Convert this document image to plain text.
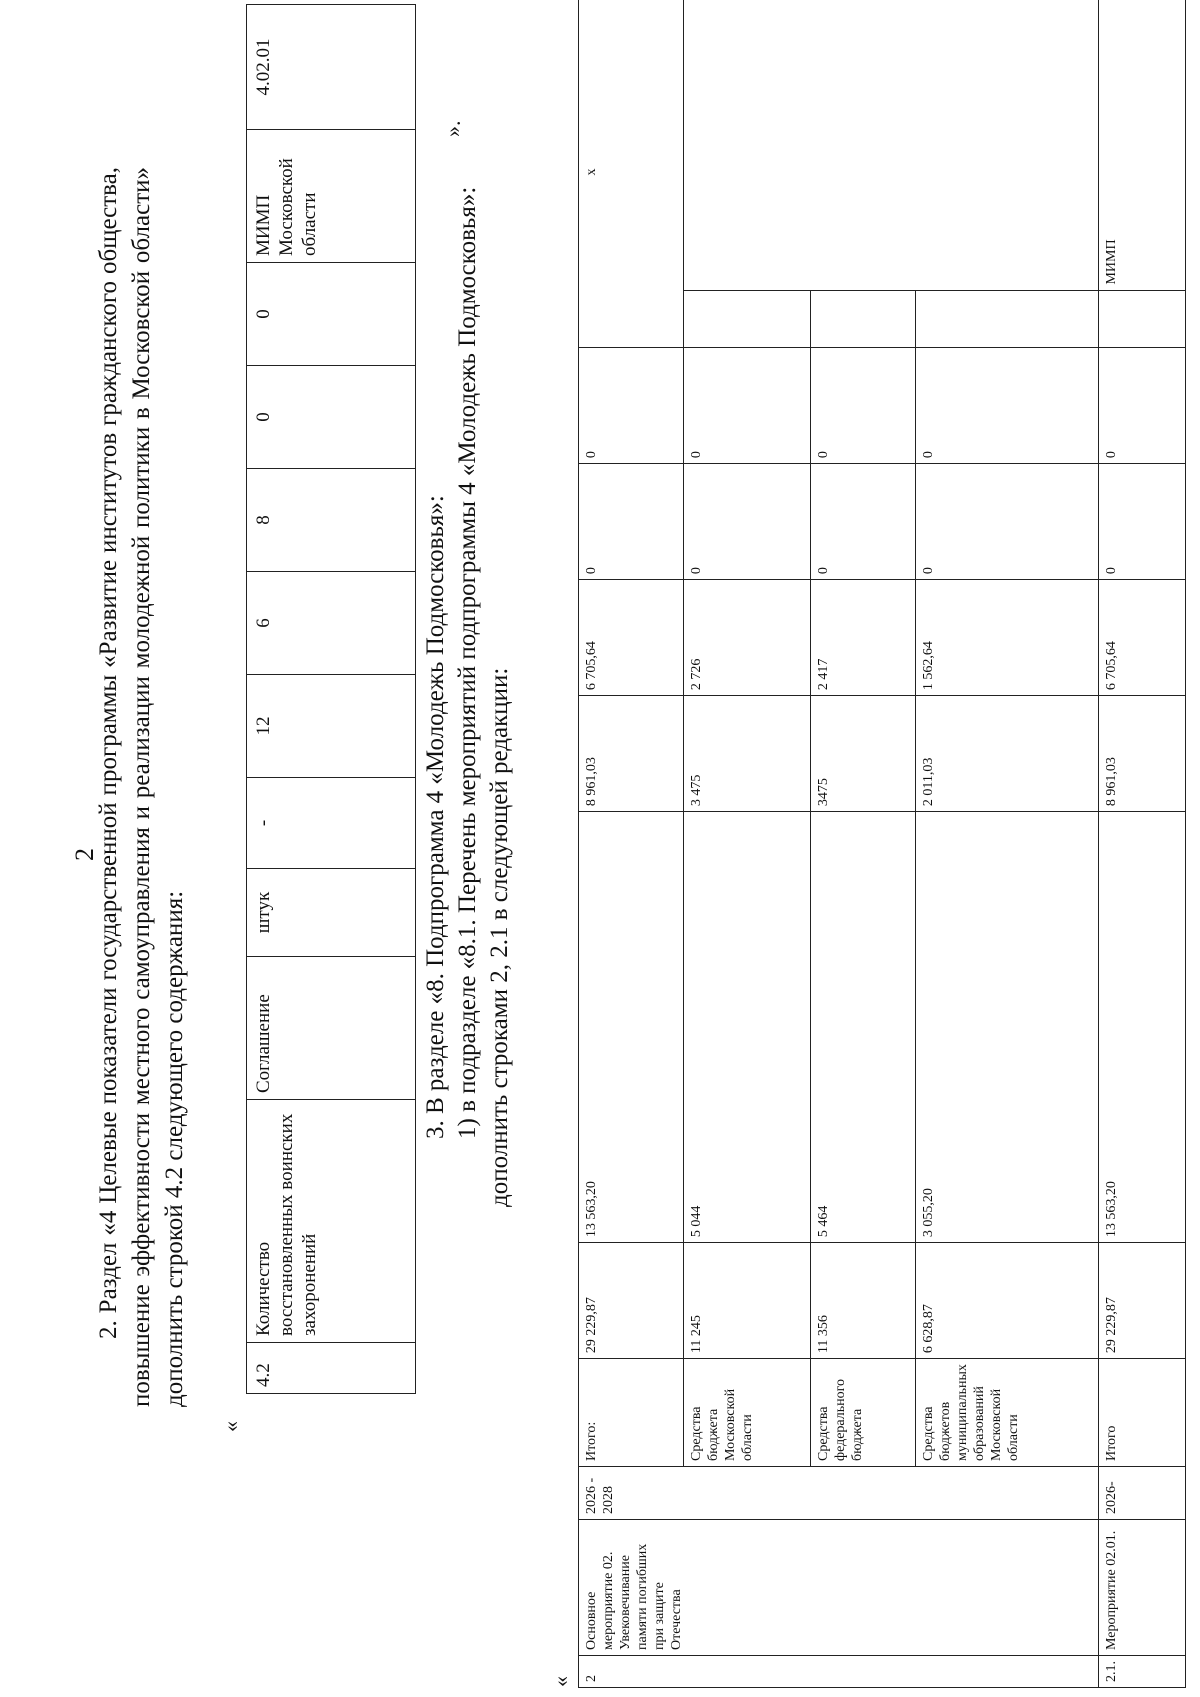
2
2. Раздел «4 Целевые показатели государственной программы «Развитие институтов гражданского общества, повышение эффективности местного самоуправления и реализации молодежной политики в Московской области» дополнить строкой 4.2 следующего содержания:
«
4.2	Количество восстановленных воинских захоронений	Соглашение	штук	-	12	6	8	0	0	МИМП Московской области	4.02.01
».
3. В разделе «8. Подпрограмма 4 «Молодежь Подмосковья»: 1) в подразделе «8.1. Перечень мероприятий подпрограммы 4 «Молодежь Подмосковья»: дополнить строками 2, 2.1 в следующей редакции:
« 2	Основное мероприятие 02. Увековечивание памяти погибших при защите Отечества	2026 - 2028	Итого:	29 229,87	13 563,20	8 961,03	6 705,64	0	0	х	
			Средства бюджета Московской области	11 245	5 044	3 475	2 726	0	0		
			Средства федерального бюджета	11 356	5 464	3475	2 417	0	0		
			Средства бюджетов муниципальных образований Московской области	6 628,87	3 055,20	2 011,03	1 562,64	0	0		
2.1.	Мероприятие 02.01.	2026-	Итого	29 229,87	13 563,20	8 961,03	6 705,64	0	0		МИМП
